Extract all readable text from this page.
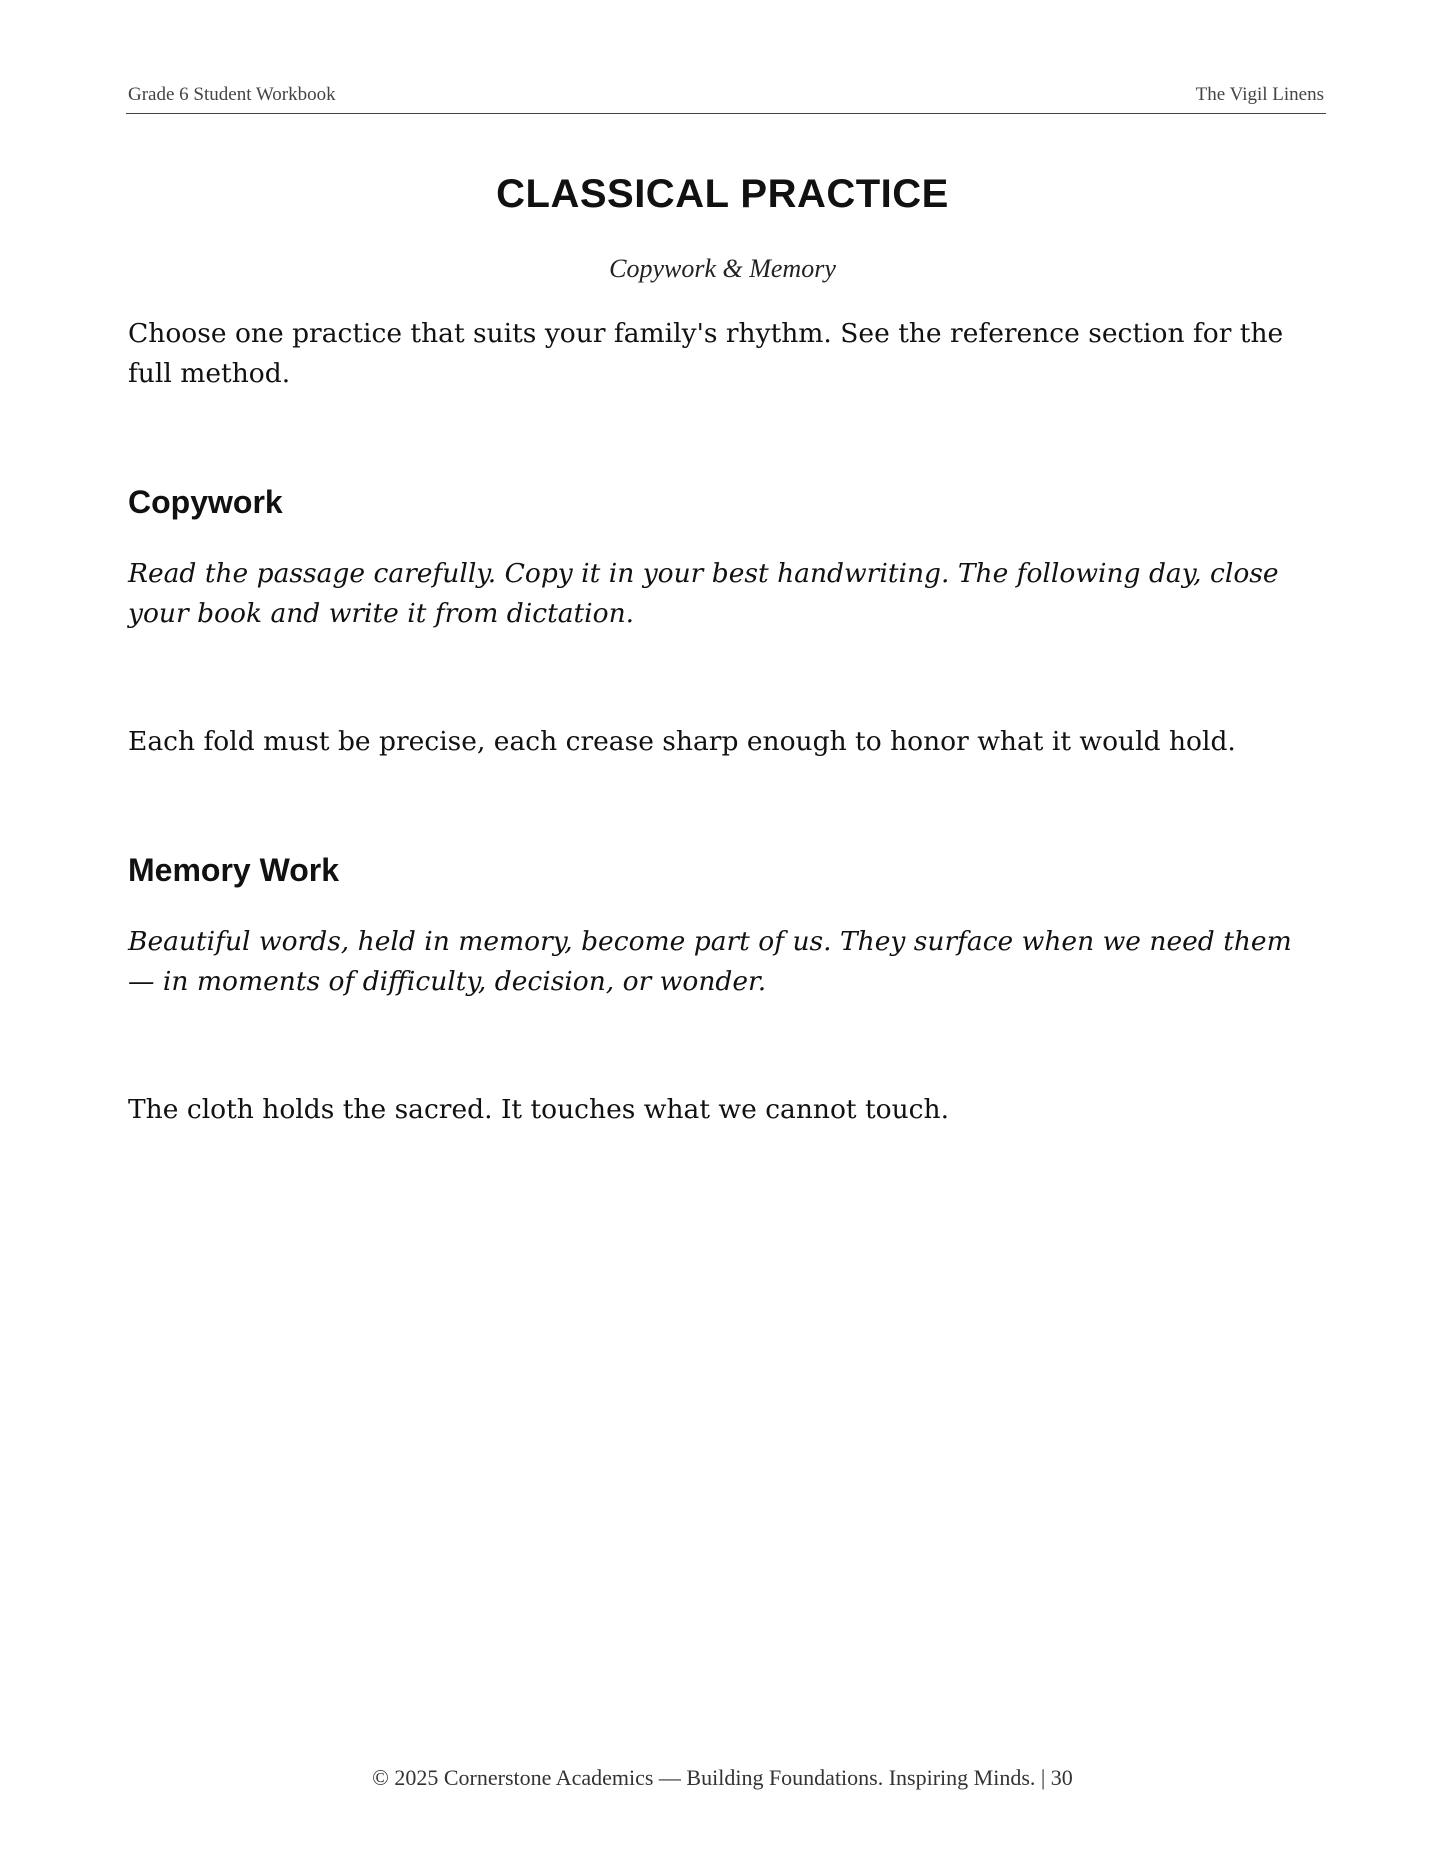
Grade 6 Student Workbook	The Vigil Linens
CLASSICAL PRACTICE

Copywork & Memory

Choose one practice that suits your family's rhythm. See the reference section for the full method.

Copywork

Read the passage carefully. Copy it in your best handwriting. The following day, close your book and write it from dictation.

Each fold must be precise, each crease sharp enough to honor what it would hold.

Memory Work

Beautiful words, held in memory, become part of us. They surface when we need them — in moments of difficulty, decision, or wonder.

The cloth holds the sacred. It touches what we cannot touch.

© 2025 Cornerstone Academics — Building Foundations. Inspiring Minds. | 30
